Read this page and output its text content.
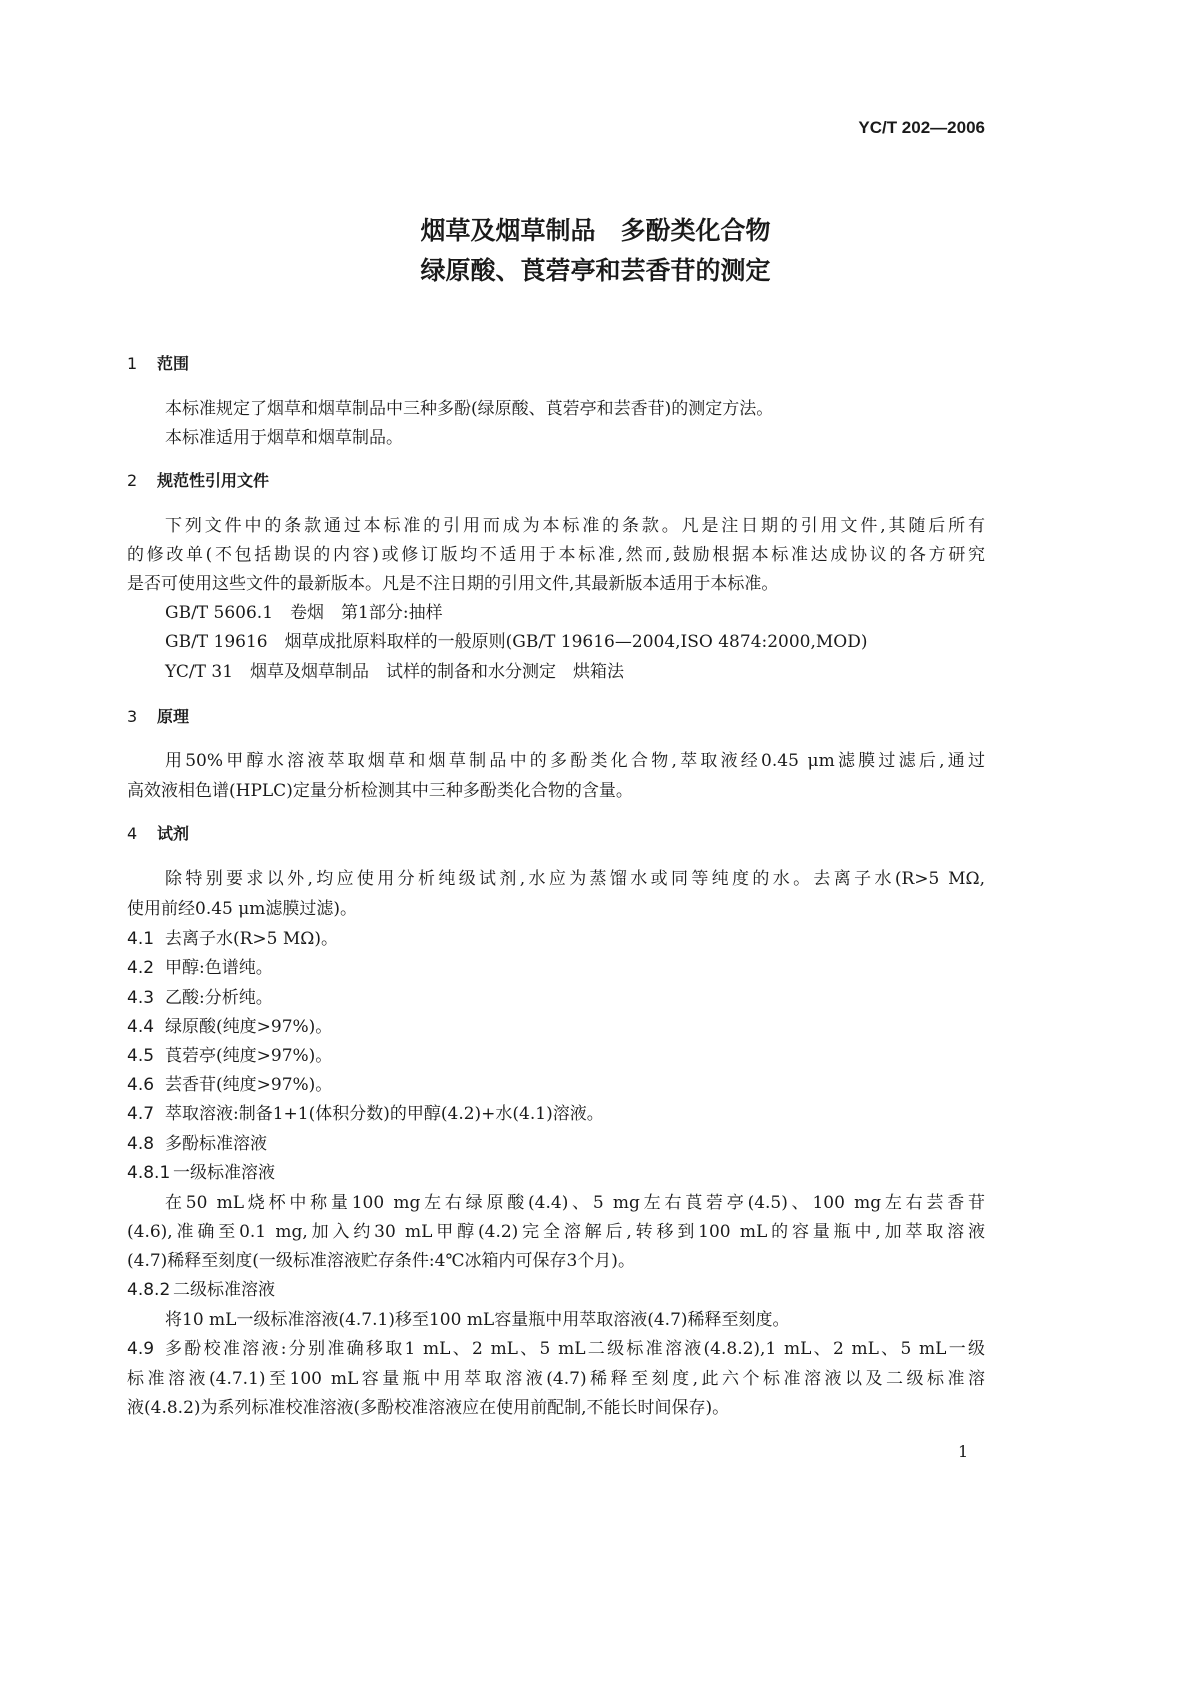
YC/T 202—2006
烟草及烟草制品　多酚类化合物
绿原酸、莨菪亭和芸香苷的测定
1 范围
本标准规定了烟草和烟草制品中三种多酚(绿原酸、莨菪亭和芸香苷)的测定方法。
本标准适用于烟草和烟草制品。
2 规范性引用文件
下列文件中的条款通过本标准的引用而成为本标准的条款。凡是注日期的引用文件,其随后所有
的修改单(不包括勘误的内容)或修订版均不适用于本标准,然而,鼓励根据本标准达成协议的各方研究
是否可使用这些文件的最新版本。凡是不注日期的引用文件,其最新版本适用于本标准。
GB/T 5606.1　卷烟　第1部分:抽样
GB/T 19616　烟草成批原料取样的一般原则(GB/T 19616—2004,ISO 4874:2000,MOD)
YC/T 31　烟草及烟草制品　试样的制备和水分测定　烘箱法
3 原理
用50%甲醇水溶液萃取烟草和烟草制品中的多酚类化合物,萃取液经0.45 μm滤膜过滤后,通过
高效液相色谱(HPLC)定量分析检测其中三种多酚类化合物的含量。
4 试剂
除特别要求以外,均应使用分析纯级试剂,水应为蒸馏水或同等纯度的水。去离子水(R>5 MΩ,
使用前经0.45 μm滤膜过滤)。
4.1 去离子水(R>5 MΩ)。
4.2 甲醇:色谱纯。
4.3 乙酸:分析纯。
4.4 绿原酸(纯度>97%)。
4.5 莨菪亭(纯度>97%)。
4.6 芸香苷(纯度>97%)。
4.7 萃取溶液:制备1+1(体积分数)的甲醇(4.2)+水(4.1)溶液。
4.8 多酚标准溶液
4.8.1 一级标准溶液
在50 mL烧杯中称量100 mg左右绿原酸(4.4)、5 mg左右莨菪亭(4.5)、100 mg左右芸香苷
(4.6),准确至0.1 mg,加入约30 mL甲醇(4.2)完全溶解后,转移到100 mL的容量瓶中,加萃取溶液
(4.7)稀释至刻度(一级标准溶液贮存条件:4℃冰箱内可保存3个月)。
4.8.2 二级标准溶液
将10 mL一级标准溶液(4.7.1)移至100 mL容量瓶中用萃取溶液(4.7)稀释至刻度。
4.9 多酚校准溶液:分别准确移取1 mL、2 mL、5 mL二级标准溶液(4.8.2),1 mL、2 mL、5 mL一级
标准溶液(4.7.1)至100 mL容量瓶中用萃取溶液(4.7)稀释至刻度,此六个标准溶液以及二级标准溶
液(4.8.2)为系列标准校准溶液(多酚校准溶液应在使用前配制,不能长时间保存)。
1
